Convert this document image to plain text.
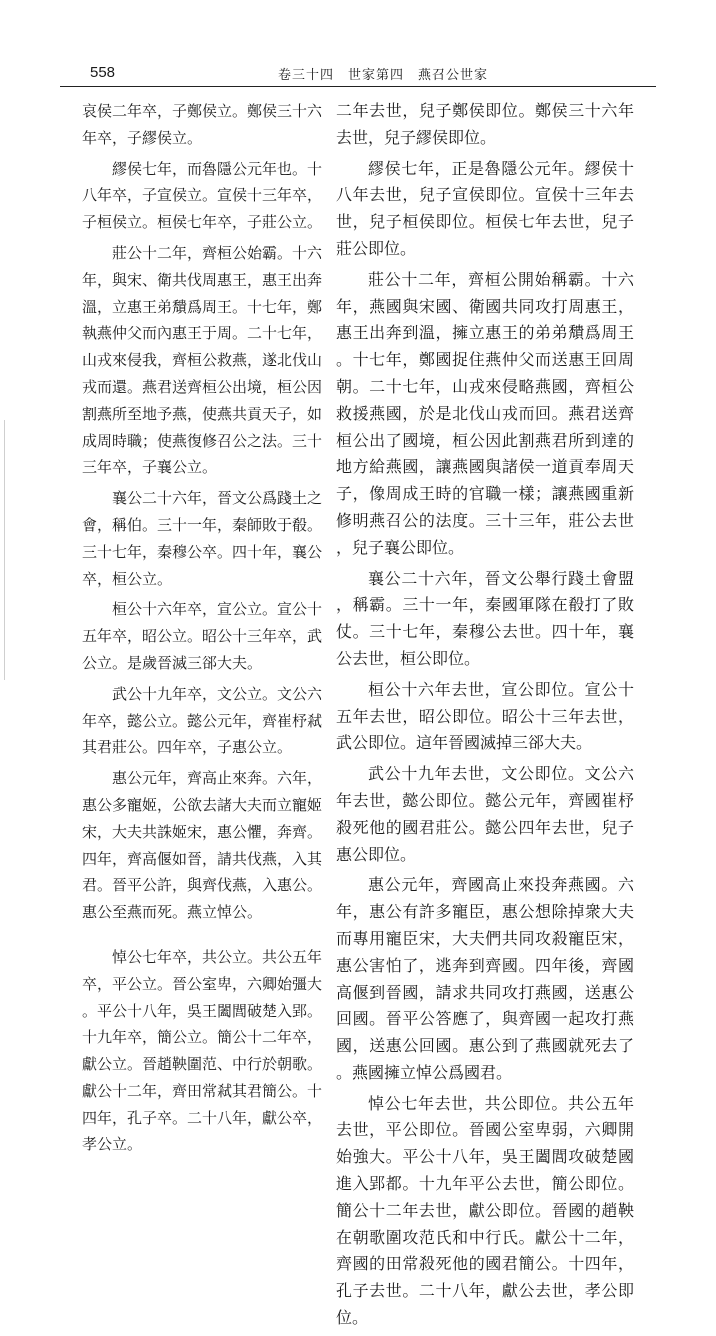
558	卷三十四　世家第四　燕召公世家

哀侯二年卒，子鄭侯立。鄭侯三十六年卒，子繆侯立。

繆侯七年，而魯隱公元年也。十八年卒，子宣侯立。宣侯十三年卒，子桓侯立。桓侯七年卒，子莊公立。

莊公十二年，齊桓公始霸。十六年，與宋、衛共伐周惠王，惠王出奔溫，立惠王弟穨爲周王。十七年，鄭執燕仲父而內惠王于周。二十七年，山戎來侵我，齊桓公救燕，遂北伐山戎而還。燕君送齊桓公出境，桓公因割燕所至地予燕，使燕共貢天子，如成周時職；使燕復修召公之法。三十三年卒，子襄公立。

襄公二十六年，晉文公爲踐土之會，稱伯。三十一年，秦師敗于殽。三十七年，秦穆公卒。四十年，襄公卒，桓公立。

桓公十六年卒，宣公立。宣公十五年卒，昭公立。昭公十三年卒，武公立。是歲晉滅三郤大夫。

武公十九年卒，文公立。文公六年卒，懿公立。懿公元年，齊崔杼弒其君莊公。四年卒，子惠公立。

惠公元年，齊高止來奔。六年，惠公多寵姬，公欲去諸大夫而立寵姬宋，大夫共誅姬宋，惠公懼，奔齊。四年，齊高偃如晉，請共伐燕，入其君。晉平公許，與齊伐燕，入惠公。惠公至燕而死。燕立悼公。

悼公七年卒，共公立。共公五年卒，平公立。晉公室卑，六卿始彊大。平公十八年，吳王闔閭破楚入郢。十九年卒，簡公立。簡公十二年卒，獻公立。晉趙鞅圍范、中行於朝歌。獻公十二年，齊田常弒其君簡公。十四年，孔子卒。二十八年，獻公卒，孝公立。

二年去世，兒子鄭侯即位。鄭侯三十六年去世，兒子繆侯即位。

繆侯七年，正是魯隱公元年。繆侯十八年去世，兒子宣侯即位。宣侯十三年去世，兒子桓侯即位。桓侯七年去世，兒子莊公即位。

莊公十二年，齊桓公開始稱霸。十六年，燕國與宋國、衛國共同攻打周惠王，惠王出奔到溫，擁立惠王的弟弟穨爲周王。十七年，鄭國捉住燕仲父而送惠王回周朝。二十七年，山戎來侵略燕國，齊桓公救援燕國，於是北伐山戎而回。燕君送齊桓公出了國境，桓公因此割燕君所到達的地方給燕國，讓燕國與諸侯一道貢奉周天子，像周成王時的官職一樣；讓燕國重新修明燕召公的法度。三十三年，莊公去世，兒子襄公即位。

襄公二十六年，晉文公舉行踐土會盟，稱霸。三十一年，秦國軍隊在殽打了敗仗。三十七年，秦穆公去世。四十年，襄公去世，桓公即位。

桓公十六年去世，宣公即位。宣公十五年去世，昭公即位。昭公十三年去世，武公即位。這年晉國滅掉三郤大夫。

武公十九年去世，文公即位。文公六年去世，懿公即位。懿公元年，齊國崔杼殺死他的國君莊公。懿公四年去世，兒子惠公即位。

惠公元年，齊國高止來投奔燕國。六年，惠公有許多寵臣，惠公想除掉衆大夫而專用寵臣宋，大夫們共同攻殺寵臣宋，惠公害怕了，逃奔到齊國。四年後，齊國高偃到晉國，請求共同攻打燕國，送惠公回國。晉平公答應了，與齊國一起攻打燕國，送惠公回國。惠公到了燕國就死去了。燕國擁立悼公爲國君。

悼公七年去世，共公即位。共公五年去世，平公即位。晉國公室卑弱，六卿開始強大。平公十八年，吳王闔閭攻破楚國進入郢都。十九年平公去世，簡公即位。簡公十二年去世，獻公即位。晉國的趙鞅在朝歌圍攻范氏和中行氏。獻公十二年，齊國的田常殺死他的國君簡公。十四年，孔子去世。二十八年，獻公去世，孝公即位。
